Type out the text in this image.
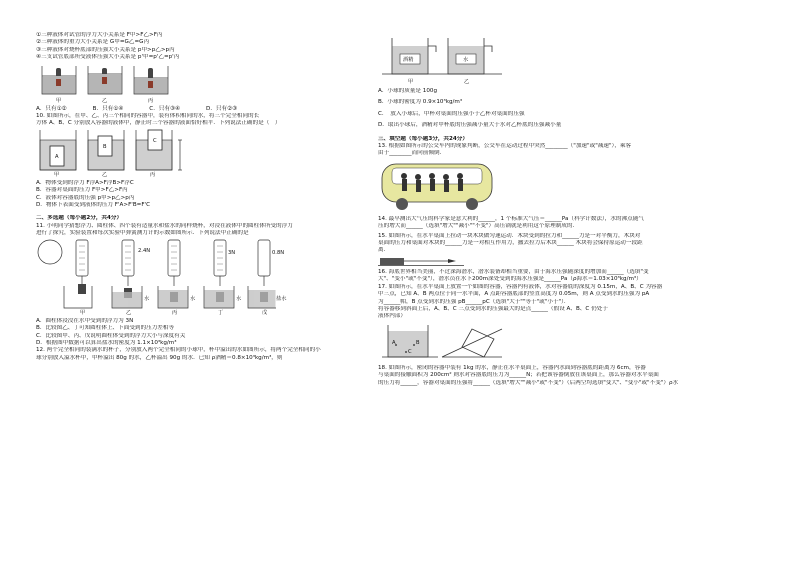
①三种液体对试管的浮力大小关系是 F甲>F乙>F丙
②三种液体的重力大小关系是 G甲=G乙=G丙
③三种液体对烧杯底部的压强大小关系是 p甲>p乙>p丙
④三支试管底部所受液体压强大小关系是 p'甲=p'乙=p'丙
甲	乙	丙
A．只有①②	B．只有①④	C．只有③④	D．只有②③
10. 如图所示，在甲、乙、丙三个相同的容器中，装有体积相同的水，将三个完全相同的长
方体 A、B、C 分别放入容器的液体中，静止时三个容器的液面恰好相平．下列说法正确的是（　）
A
B
C
甲	乙	丙
A．物体受到的浮力 F浮A>F浮B>F浮C
B．容器对桌面的压力 F甲>F乙>F丙
C．液体对容器底的压强 p甲>p乙>p丙
D．物体下表面受到液体的压力 F'A>F'B=F'C
二、多选题（每小题2分，共4分）
11. 小明同学猜想浮力、圆柱体、四个装有适量水和盐水的同样烧杯，对浸在液体中的圆柱体所受的浮力
进行了探究，实验装置和每次实验中弹簧测力计的示数如图所示．下列说法中正确的是
2.4N	3N	0.8N
甲	乙	丙	丁	戊
水	水	水	盐水
A．圆柱体浸没在水中受到的浮力为 3N
B．比较图乙、丁可知圆柱体上、下面受到的压力差相等
C．比较图甲、丙、戊说明圆柱体受到的浮力大小与深度有关
D．根据图中数据可以算出盐水的密度为 1.1×10³kg/m³
12. 两个完全相同的装满水的杯子，分别放入两个完全相同的小球中，杯中溢出的水如图所示，将两个完全相同的小
球分别放入溢水杯中，甲杯溢出 80g 的水，乙杯溢出 90g 的水．已知 ρ酒精＝0.8×10³kg/m³，则
酒精	水
甲	乙
A．小球的质量是 100g
B．小球的密度为 0.9×10³kg/m³
C．　放入小球后，甲杯对桌面的压强小于乙杯对桌面的压强
D．取出小球后，酒精对甲杯底的压强减小量大于水对乙杯底的压强减小量
三、填空题（每小题3分，共24分）
13. 根据如图所示的公交车内的现象判断，公交车在运动过程中突然________（"加速"或"减速"），乘客
由于________而向前倾倒．
14. 最早测出大气压的科学家是意大利的______，1 个标准大气压＝______Pa（科学计数法），水的沸点随气
压的增大而______（选填"增大""减小""不变"）高压锅就是利用这个原理制成的．
15. 如图所示，在水平桌面上拉动一块木块做匀速运动．木块受到的拉力和______力是一对平衡力，木块对
桌面的压力和桌面对木块的______力是一对相互作用力，撤去拉力后木块______ 木块将会保持原运动一段距
离．
16. 海底世界相当美丽，不过深海潜水，潜水装备却相当重要，由于海水压强随深度的增加而______（选填"变
大"、"变小"或"不变"），潜水员在水下200m深处受到的海水压强是______Pa（ρ海水＝1.03×10³kg/m³）
17. 如图所示，在水平桌面上放置一个如图的容器，容器内有液体，水对容器底的深度为 0.15m，A、B、C 为容器
中三点，已知 A、B 两点位于同一水平面，A 点距容器底部的竖直高度为 0.05m，则 A 点受到水的压强为 pA
为______帕，B 点受到水的压强 pB______pC（选填"大于""等于"或"小于"）．
将容器移到斜面上后，A、B、C 三点受到水的压强最大的是点______（假设 A、B、C 仍处于
液体内部）
A	B
C
18. 如图所示，密闭的容器中装有 1kg 的水，静止在水平桌面上，容器内水面到容器底的距离为 6cm，容器
与桌面的接触面积为 200cm² 则水对容器底的压力为______N；若把该容器倒放在该桌面上，那么容器对水平桌面
的压力将______，容器对桌面的压强将______（选填"增大""减小"或"不变"）（后两空均选填"变大"、"变小"或"不变"）ρ水
